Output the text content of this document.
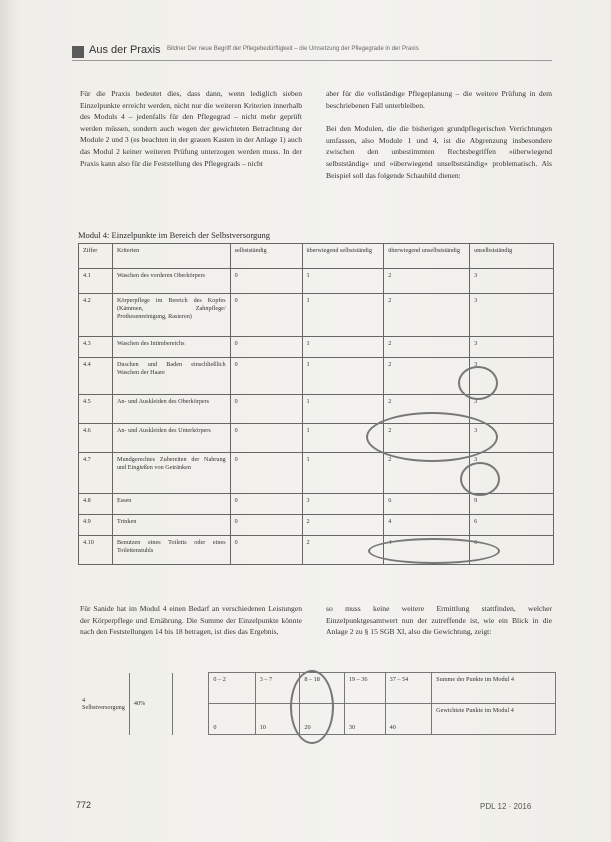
Aus der Praxis Bildner Der neue Begriff der Pflegebedürftigkeit – die Umsetzung der Pflegegrade in der Praxis
Für die Praxis bedeutet dies, dass dann, wenn lediglich sieben Einzelpunkte erreicht werden, nicht nur die weiteren Kriterien innerhalb des Moduls 4 – jedenfalls für den Pflegegrad – nicht mehr geprüft werden müssen, sondern auch wegen der gewichteten Betrachtung der Module 2 und 3 (es beachten in der grauen Kasten in der Anlage 1) auch das Modul 2 keiner weiteren Prüfung unterzogen werden muss. In der Praxis kann also für die Feststellung des Pflegegrads – nicht
aber für die vollständige Pflegeplanung – die weitere Prüfung in dem beschriebenen Fall unterbleiben.
Bei den Modulen, die die bisherigen grundpflegerischen Verrichtungen umfassen, also Module 1 und 4, ist die Abgrenzung insbesondere zwischen den unbestimmten Rechtsbegriffen »überwiegend selbstständig« und »überwiegend unselbstständig« problematisch. Als Beispiel soll das folgende Schaubild dienen:
Modul 4: Einzelpunkte im Bereich der Selbstversorgung
Ziffer	Kriterien	selbstständig	überwiegend selbstständig	überwiegend unselbstständig	unselbstständig
4.1	Waschen des vorderen Oberkörpers	0	1	2	3
4.2	Körperpflege im Bereich des Kopfes (Kämmen, Zahnpflege/ Prothesenreinigung, Rasieren)	0	1	2	3
4.3	Waschen des Intimbereichs	0	1	2	3
4.4	Duschen und Baden einschließlich Waschen der Haare	0	1	2	3
4.5	An- und Auskleiden des Oberkörpers	0	1	2	3
4.6	An- und Auskleiden des Unterkörpers	0	1	2	3
4.7	Mundgerechtes Zubereiten der Nahrung und Eingießen von Getränken	0	1	2	3
4.8	Essen	0	3	6	9
4.9	Trinken	0	2	4	6
4.10	Benutzen eines Toiletts oder eines Toilettenstuhls	0	2	4	6
Für Sanide hat im Modul 4 einen Bedarf an verschiedenen Leistungen der Körperpflege und Ernährung. Die Summe der Einzelpunkte könnte nach den Feststellungen 14 bis 18 betragen, ist dies das Ergebnis,
so muss keine weitere Ermittlung stattfinden, welcher Einzelpunktgesamtwert nun der zutreffende ist, wie ein Blick in die Anlage 2 zu § 15 SGB XI, also die Gewichtung, zeigt:
4 Selbstversorgung	40%		0 – 2	3 – 7	8 – 18	19 – 36	37 – 54	Summe der Punkte im Modul 4
			0	10	20	30	40	Gewichtete Punkte im Modul 4
772	PDL 12 · 2016
